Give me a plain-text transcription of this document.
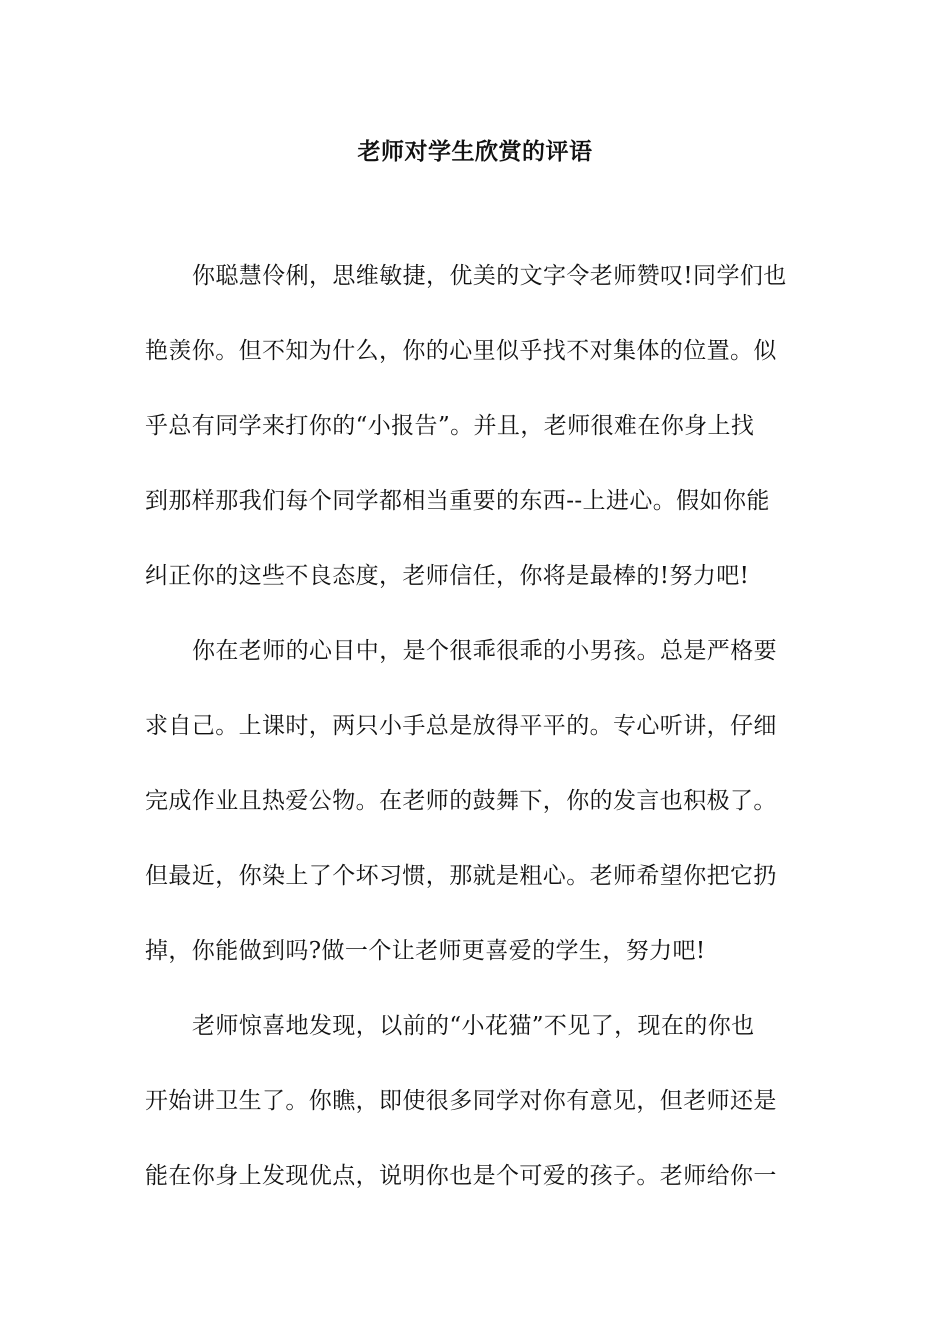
老师对学生欣赏的评语
你聪慧伶俐，思维敏捷，优美的文字令老师赞叹!同学们也
艳羡你。但不知为什么，你的心里似乎找不对集体的位置。似
乎总有同学来打你的“小报告”。并且，老师很难在你身上找
到那样那我们每个同学都相当重要的东西--上进心。假如你能
纠正你的这些不良态度，老师信任，你将是最棒的!努力吧!
你在老师的心目中，是个很乖很乖的小男孩。总是严格要
求自己。上课时，两只小手总是放得平平的。专心听讲，仔细
完成作业且热爱公物。在老师的鼓舞下，你的发言也积极了。
但最近，你染上了个坏习惯，那就是粗心。老师希望你把它扔
掉，你能做到吗?做一个让老师更喜爱的学生，努力吧!
老师惊喜地发现，以前的“小花猫”不见了，现在的你也
开始讲卫生了。你瞧，即使很多同学对你有意见，但老师还是
能在你身上发现优点，说明你也是个可爱的孩子。老师给你一
